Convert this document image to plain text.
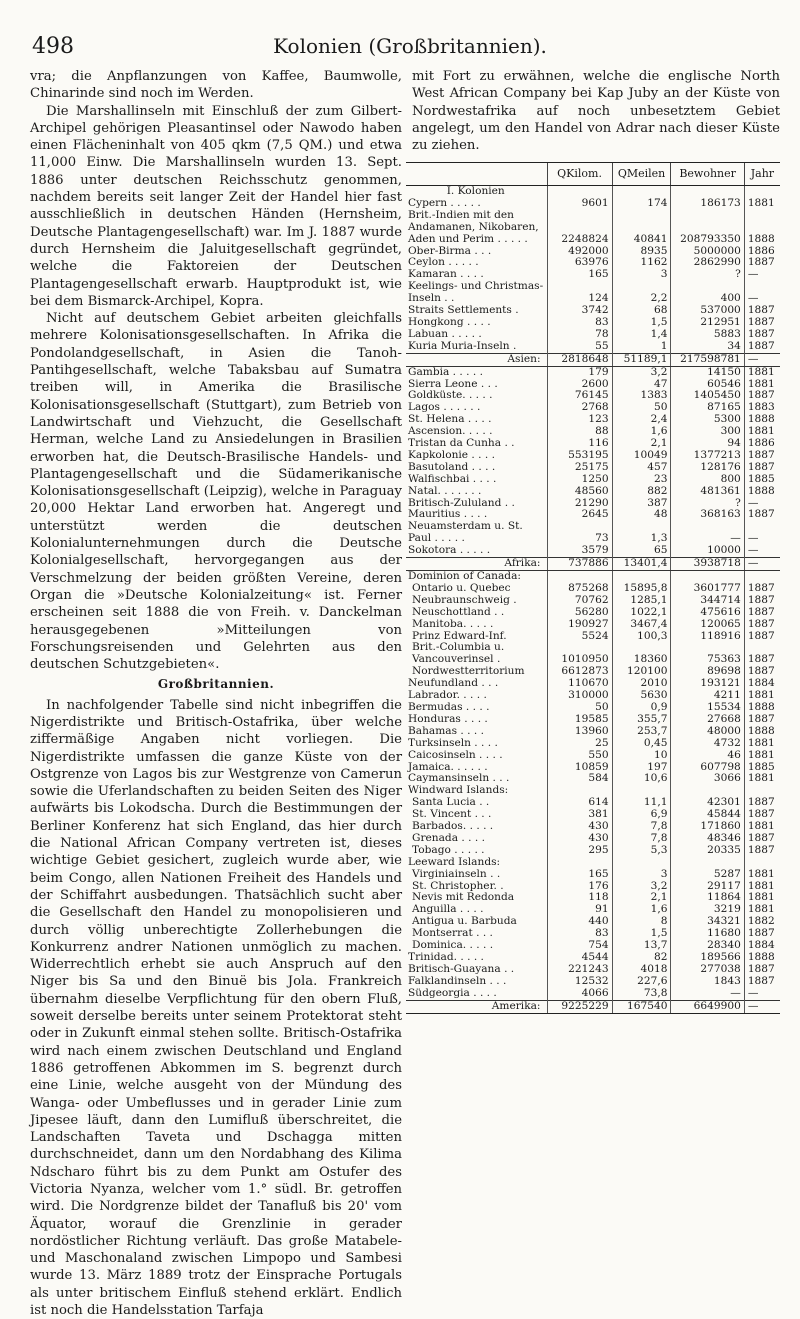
498	Kolonien (Großbritannien).

vra; die Anpflanzungen von Kaffee, Baumwolle, Chinarinde sind noch im Werden.

Die Marshallinseln mit Einschluß der zum Gilbert-Archipel gehörigen Pleasantinsel oder Nawodo haben einen Flächeninhalt von 405 qkm (7,5 QM.) und etwa 11,000 Einw. Die Marshallinseln wurden 13. Sept. 1886 unter deutschen Reichsschutz genommen, nachdem bereits seit langer Zeit der Handel hier fast ausschließlich in deutschen Händen (Hernsheim, Deutsche Plantagengesellschaft) war. Im J. 1887 wurde durch Hernsheim die Jaluitgesellschaft gegründet, welche die Faktoreien der Deutschen Plantagengesellschaft erwarb. Hauptprodukt ist, wie bei dem Bismarck-Archipel, Kopra.

Nicht auf deutschem Gebiet arbeiten gleichfalls mehrere Kolonisationsgesellschaften. In Afrika die Pondolandgesellschaft, in Asien die Tanoh-Pantihgesellschaft, welche Tabaksbau auf Sumatra treiben will, in Amerika die Brasilische Kolonisationsgesellschaft (Stuttgart), zum Betrieb von Landwirtschaft und Viehzucht, die Gesellschaft Herman, welche Land zu Ansiedelungen in Brasilien erworben hat, die Deutsch-Brasilische Handels- und Plantagengesellschaft und die Südamerikanische Kolonisationsgesellschaft (Leipzig), welche in Paraguay 20,000 Hektar Land erworben hat. Angeregt und unterstützt werden die deutschen Kolonialunternehmungen durch die Deutsche Kolonialgesellschaft, hervorgegangen aus der Verschmelzung der beiden größten Vereine, deren Organ die »Deutsche Kolonialzeitung« ist. Ferner erscheinen seit 1888 die von Freih. v. Danckelman herausgegebenen »Mitteilungen von Forschungsreisenden und Gelehrten aus den deutschen Schutzgebieten«.

Großbritannien.

In nachfolgender Tabelle sind nicht inbegriffen die Nigerdistrikte und Britisch-Ostafrika, über welche ziffermäßige Angaben nicht vorliegen. Die Nigerdistrikte umfassen die ganze Küste von der Ostgrenze von Lagos bis zur Westgrenze von Camerun sowie die Uferlandschaften zu beiden Seiten des Niger aufwärts bis Lokodscha. Durch die Bestimmungen der Berliner Konferenz hat sich England, das hier durch die National African Company vertreten ist, dieses wichtige Gebiet gesichert, zugleich wurde aber, wie beim Congo, allen Nationen Freiheit des Handels und der Schiffahrt ausbedungen. Thatsächlich sucht aber die Gesellschaft den Handel zu monopolisieren und durch völlig unberechtigte Zollerhebungen die Konkurrenz andrer Nationen unmöglich zu machen. Widerrechtlich erhebt sie auch Anspruch auf den Niger bis Sa und den Binuë bis Jola. Frankreich übernahm dieselbe Verpflichtung für den obern Fluß, soweit derselbe bereits unter seinem Protektorat steht oder in Zukunft einmal stehen sollte. Britisch-Ostafrika wird nach einem zwischen Deutschland und England 1886 getroffenen Abkommen im S. begrenzt durch eine Linie, welche ausgeht von der Mündung des Wanga- oder Umbeflusses und in gerader Linie zum Jipesee läuft, dann den Lumifluß überschreitet, die Landschaften Taveta und Dschagga mitten durchschneidet, dann um den Nordabhang des Kilima Ndscharo führt bis zu dem Punkt am Ostufer des Victoria Nyanza, welcher vom 1.° südl. Br. getroffen wird. Die Nordgrenze bildet der Tanafluß bis 20' vom Äquator, worauf die Grenzlinie in gerader nordöstlicher Richtung verläuft. Das große Matabele- und Maschonaland zwischen Limpopo und Sambesi wurde 13. März 1889 trotz der Einsprache Portugals als unter britischem Einfluß stehend erklärt. Endlich ist noch die Handelsstation Tarfaja

mit Fort zu erwähnen, welche die englische North West African Company bei Kap Juby an der Küste von Nordwestafrika auf noch unbesetztem Gebiet angelegt, um den Handel von Adrar nach dieser Küste zu ziehen.

	QKilom.	QMeilen	Bewohner	Jahr
I. Kolonien				
Cypern . . . . .	9601	174	186173	1881
Brit.-Indien mit den Andamanen, Nikobaren, Aden und Perim . . . . .	2248824	40841	208793350	1888
Ober-Birma . . .	492000	8935	5000000	1886
Ceylon . . . . .	63976	1162	2862990	1887
Kamaran . . . .	165	3	?	—
Keelings- und Christmas-Inseln . .	124	2,2	400	—
Straits Settlements .	3742	68	537000	1887
Hongkong . . . .	83	1,5	212951	1887
Labuan . . . . .	78	1,4	5883	1887
Kuria Muria-Inseln .	55	1	34	1887
Asien:	2818648	51189,1	217598781	—
Gambia . . . . .	179	3,2	14150	1881
Sierra Leone . . .	2600	47	60546	1881
Goldküste. . . . .	76145	1383	1405450	1887
Lagos . . . . . .	2768	50	87165	1883
St. Helena . . . .	123	2,4	5300	1888
Ascension. . . . .	88	1,6	300	1881
Tristan da Cunha . .	116	2,1	94	1886
Kapkolonie . . . .	553195	10049	1377213	1887
Basutoland . . . .	25175	457	128176	1887
Walfischbai . . . .	1250	23	800	1885
Natal. . . . . . .	48560	882	481361	1888
Britisch-Zululand . .	21290	387	?	—
Mauritius . . . .	2645	48	368163	1887
Neuamsterdam u. St. Paul . . . . .	73	1,3	—	—
Sokotora . . . . .	3579	65	10000	—
Afrika:	737886	13401,4	3938718	—
Dominion of Canada:				
Ontario u. Quebec	875268	15895,8	3601777	1887
Neubraunschweig .	70762	1285,1	344714	1887
Neuschottland . .	56280	1022,1	475616	1887
Manitoba. . . . .	190927	3467,4	120065	1887
Prinz Edward-Inf.	5524	100,3	118916	1887
Brit.-Columbia u. Vancouverinsel .	1010950	18360	75363	1887
Nordwestterritorium	6612873	120100	89698	1887
Neufundland . . .	110670	2010	193121	1884
Labrador. . . . .	310000	5630	4211	1881
Bermudas . . . .	50	0,9	15534	1888
Honduras . . . .	19585	355,7	27668	1887
Bahamas . . . .	13960	253,7	48000	1888
Turksinseln . . . .	25	0,45	4732	1881
Caicosinseln . . . .	550	10	46	1881
Jamaica. . . . . .	10859	197	607798	1885
Caymansinseln . . .	584	10,6	3066	1881
Windward Islands:				
Santa Lucia . .	614	11,1	42301	1887
St. Vincent . . .	381	6,9	45844	1887
Barbados. . . . .	430	7,8	171860	1881
Grenada . . . .	430	7,8	48346	1887
Tobago . . . . .	295	5,3	20335	1887
Leeward Islands:				
Virginiainseln . .	165	3	5287	1881
St. Christopher. .	176	3,2	29117	1881
Nevis mit Redonda	118	2,1	11864	1881
Anguilla . . . .	91	1,6	3219	1881
Antigua u. Barbuda	440	8	34321	1882
Montserrat . . .	83	1,5	11680	1887
Dominica. . . . .	754	13,7	28340	1884
Trinidad. . . . .	4544	82	189566	1888
Britisch-Guayana . .	221243	4018	277038	1887
Falklandinseln . . .	12532	227,6	1843	1887
Südgeorgia . . . .	4066	73,8	—	—
Amerika:	9225229	167540	6649900	—
